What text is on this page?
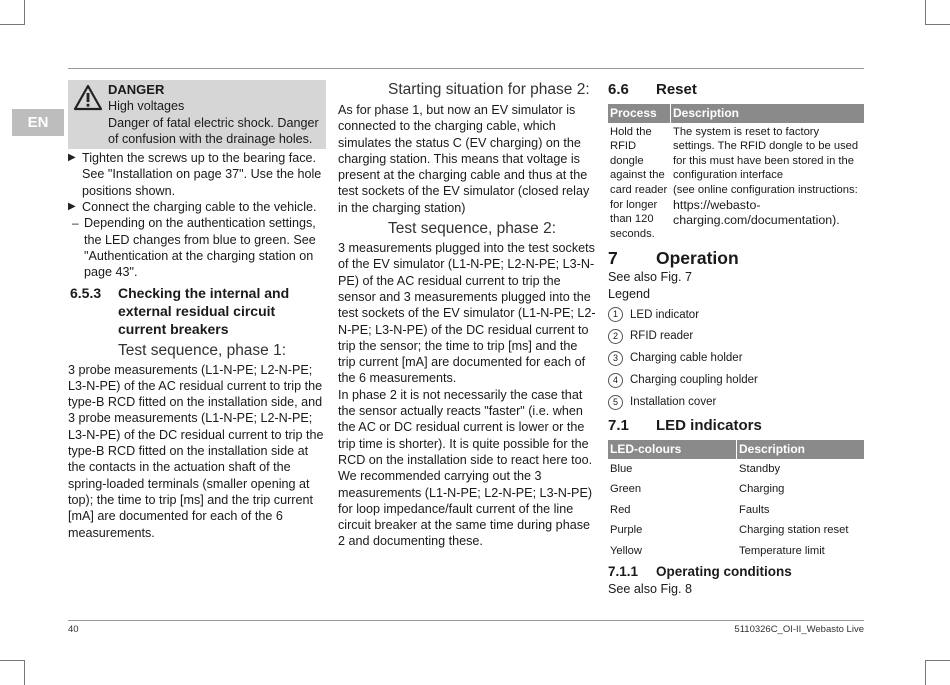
EN
DANGER
High voltages
Danger of fatal electric shock. Danger of confusion with the drainage holes.
▶ Tighten the screws up to the bearing face. See "Installation on page 37". Use the hole positions shown.
▶ Connect the charging cable to the vehicle.
– Depending on the authentication settings, the LED changes from blue to green. See "Authentication at the charging station on page 43".
6.5.3	Checking the internal and external residual circuit current breakers
Test sequence, phase 1:
3 probe measurements (L1-N-PE; L2-N-PE; L3-N-PE) of the AC residual current to trip the type-B RCD fitted on the installation side, and 3 probe measurements (L1-N-PE; L2-N-PE; L3-N-PE) of the DC residual current to trip the type-B RCD fitted on the installation side at the contacts in the actuation shaft of the spring-loaded terminals (smaller opening at top); the time to trip [ms] and the trip current [mA] are documented for each of the 6 measurements.
Starting situation for phase 2:
As for phase 1, but now an EV simulator is connected to the charging cable, which simulates the status C (EV charging) on the charging station. This means that voltage is present at the charging cable and thus at the test sockets of the EV simulator (closed relay in the charging station)
Test sequence, phase 2:
3 measurements plugged into the test sockets of the EV simulator (L1-N-PE; L2-N-PE; L3-N-PE) of the AC residual current to trip the sensor and 3 measurements plugged into the test sockets of the EV simulator (L1-N-PE; L2-N-PE; L3-N-PE) of the DC residual current to trip the sensor; the time to trip [ms] and the trip current [mA] are documented for each of the 6 measurements.
In phase 2 it is not necessarily the case that the sensor actually reacts "faster" (i.e. when the AC or DC residual current is lower or the trip time is shorter). It is quite possible for the RCD on the installation side to react here too.
We recommended carrying out the 3 measurements (L1-N-PE; L2-N-PE; L3-N-PE) for loop impedance/fault current of the line circuit breaker at the same time during phase 2 and documenting these.
6.6	Reset
Process	Description
Hold the RFID dongle against the card reader for longer than 120 seconds.	The system is reset to factory settings. The RFID dongle to be used for this must have been stored in the configuration interface
(see online configuration instructions:
https://webasto-charging.com/documentation).
7	Operation
See also Fig. 7
Legend
1	LED indicator
2	RFID reader
3	Charging cable holder
4	Charging coupling holder
5	Installation cover
7.1	LED indicators
LED-colours	Description
Blue	Standby
Green	Charging
Red	Faults
Purple	Charging station reset
Yellow	Temperature limit
7.1.1	Operating conditions
See also Fig. 8
40	5110326C_OI-II_Webasto Live
